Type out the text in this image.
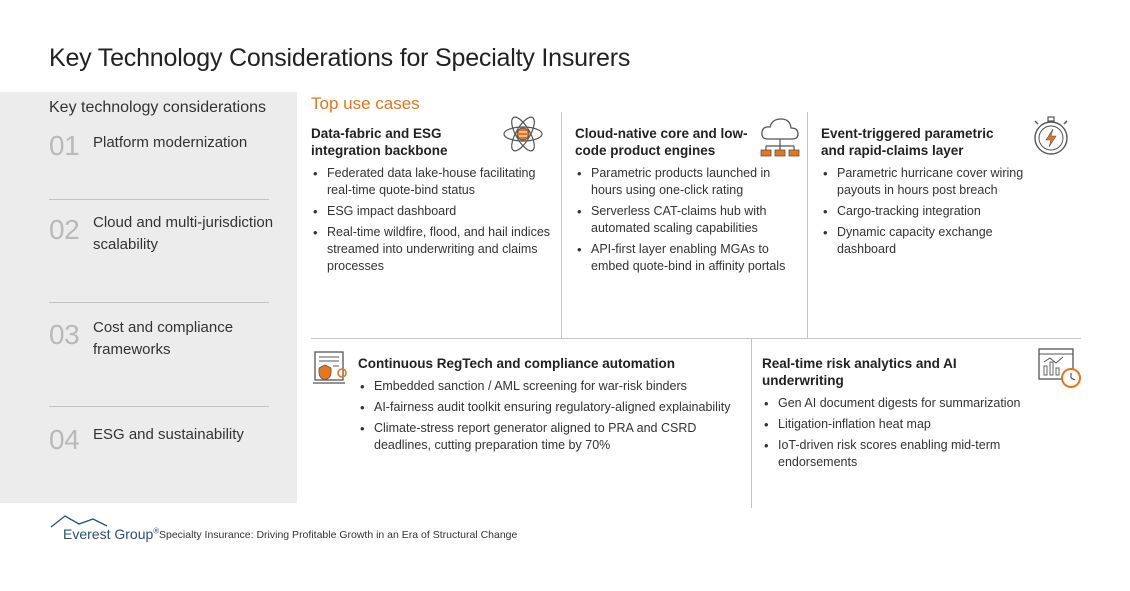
Key Technology Considerations for Specialty Insurers
Key technology considerations
01 Platform modernization
02 Cloud and multi-jurisdiction scalability
03 Cost and compliance frameworks
04 ESG and sustainability
Top use cases
Data-fabric and ESG integration backbone
• Federated data lake-house facilitating real-time quote-bind status
• ESG impact dashboard
• Real-time wildfire, flood, and hail indices streamed into underwriting and claims processes
Cloud-native core and low-code product engines
• Parametric products launched in hours using one-click rating
• Serverless CAT-claims hub with automated scaling capabilities
• API-first layer enabling MGAs to embed quote-bind in affinity portals
Event-triggered parametric and rapid-claims layer
• Parametric hurricane cover wiring payouts in hours post breach
• Cargo-tracking integration
• Dynamic capacity exchange dashboard
Continuous RegTech and compliance automation
• Embedded sanction / AML screening for war-risk binders
• AI-fairness audit toolkit ensuring regulatory-aligned explainability
• Climate-stress report generator aligned to PRA and CSRD deadlines, cutting preparation time by 70%
Real-time risk analytics and AI underwriting
• Gen AI document digests for summarization
• Litigation-inflation heat map
• IoT-driven risk scores enabling mid-term endorsements
Everest Group® Specialty Insurance: Driving Profitable Growth in an Era of Structural Change
